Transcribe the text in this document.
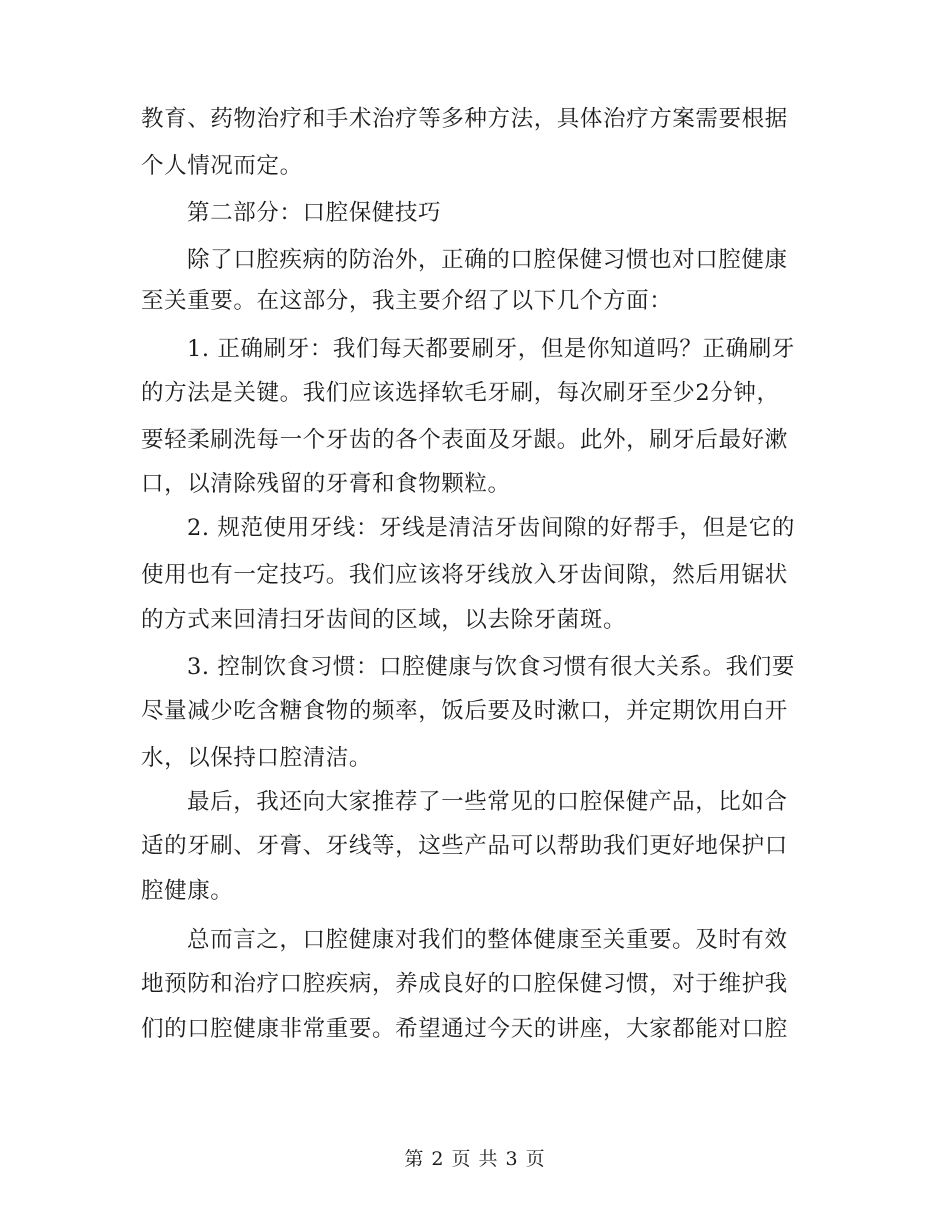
教育、药物治疗和手术治疗等多种方法，具体治疗方案需要根据

个人情况而定。

第二部分：口腔保健技巧

除了口腔疾病的防治外，正确的口腔保健习惯也对口腔健康

至关重要。在这部分，我主要介绍了以下几个方面：

1. 正确刷牙：我们每天都要刷牙，但是你知道吗？正确刷牙

的方法是关键。我们应该选择软毛牙刷，每次刷牙至少2分钟，

要轻柔刷洗每一个牙齿的各个表面及牙龈。此外，刷牙后最好漱

口，以清除残留的牙膏和食物颗粒。

2. 规范使用牙线：牙线是清洁牙齿间隙的好帮手，但是它的

使用也有一定技巧。我们应该将牙线放入牙齿间隙，然后用锯状

的方式来回清扫牙齿间的区域，以去除牙菌斑。

3. 控制饮食习惯：口腔健康与饮食习惯有很大关系。我们要

尽量减少吃含糖食物的频率，饭后要及时漱口，并定期饮用白开

水，以保持口腔清洁。

最后，我还向大家推荐了一些常见的口腔保健产品，比如合

适的牙刷、牙膏、牙线等，这些产品可以帮助我们更好地保护口

腔健康。

总而言之，口腔健康对我们的整体健康至关重要。及时有效

地预防和治疗口腔疾病，养成良好的口腔保健习惯，对于维护我

们的口腔健康非常重要。希望通过今天的讲座，大家都能对口腔

第 2 页 共 3 页
